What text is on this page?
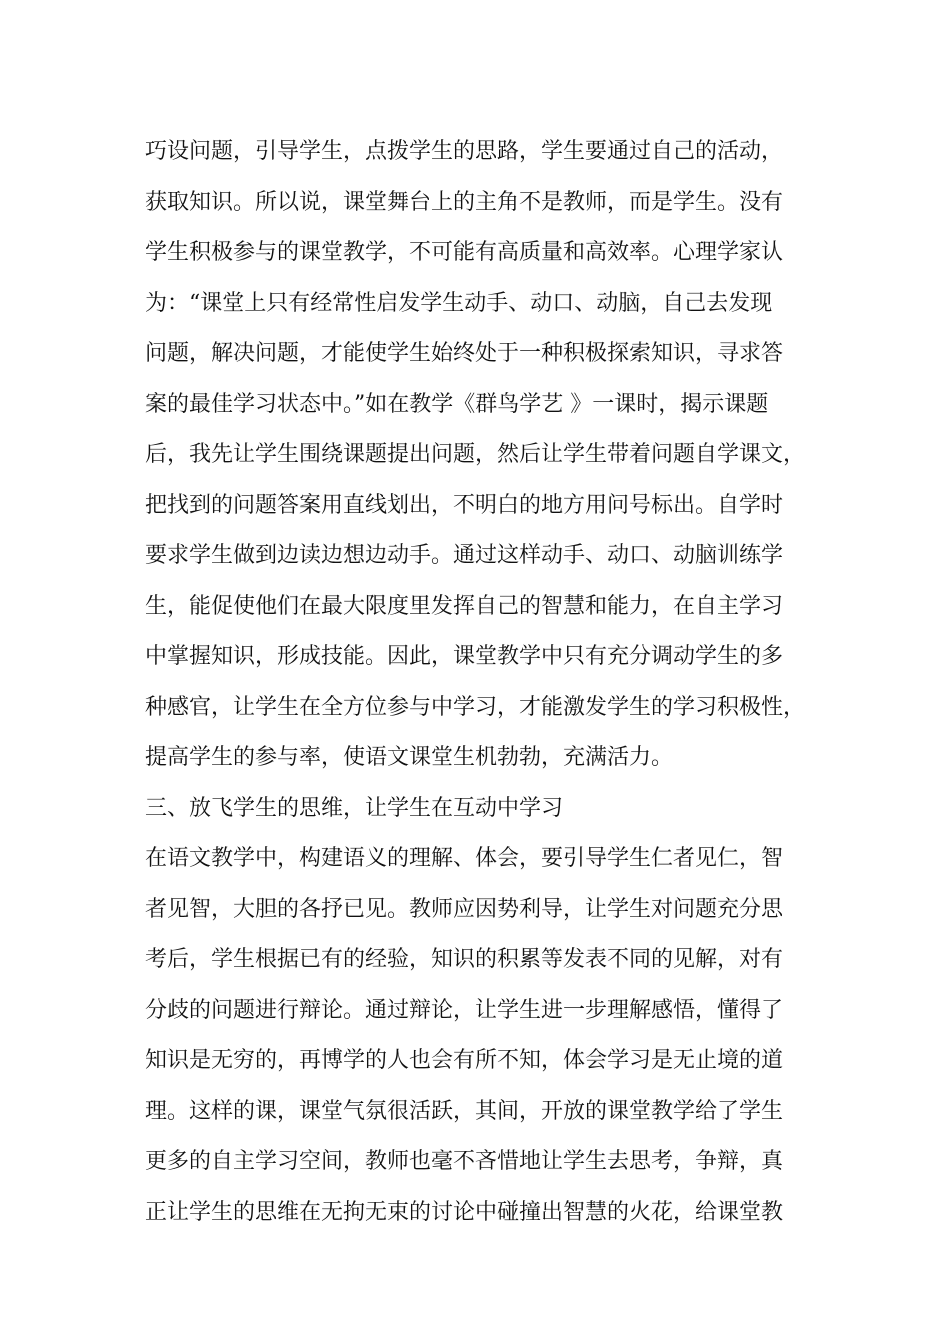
巧设问题，引导学生，点拨学生的思路，学生要通过自己的活动，
获取知识。所以说，课堂舞台上的主角不是教师，而是学生。没有
学生积极参与的课堂教学，不可能有高质量和高效率。心理学家认
为：“课堂上只有经常性启发学生动手、动口、动脑，自己去发现
问题，解决问题，才能使学生始终处于一种积极探索知识，寻求答
案的最佳学习状态中。”如在教学《群鸟学艺 》一课时，揭示课题
后，我先让学生围绕课题提出问题，然后让学生带着问题自学课文，
把找到的问题答案用直线划出，不明白的地方用问号标出。自学时
要求学生做到边读边想边动手。通过这样动手、动口、动脑训练学
生，能促使他们在最大限度里发挥自己的智慧和能力，在自主学习
中掌握知识，形成技能。因此，课堂教学中只有充分调动学生的多
种感官，让学生在全方位参与中学习，才能激发学生的学习积极性，
提高学生的参与率，使语文课堂生机勃勃，充满活力。
三、放飞学生的思维，让学生在互动中学习
在语文教学中，构建语义的理解、体会，要引导学生仁者见仁，智
者见智，大胆的各抒已见。教师应因势利导，让学生对问题充分思
考后，学生根据已有的经验，知识的积累等发表不同的见解，对有
分歧的问题进行辩论。通过辩论，让学生进一步理解感悟，懂得了
知识是无穷的，再博学的人也会有所不知，体会学习是无止境的道
理。这样的课，课堂气氛很活跃，其间，开放的课堂教学给了学生
更多的自主学习空间，教师也毫不吝惜地让学生去思考，争辩，真
正让学生的思维在无拘无束的讨论中碰撞出智慧的火花，给课堂教
